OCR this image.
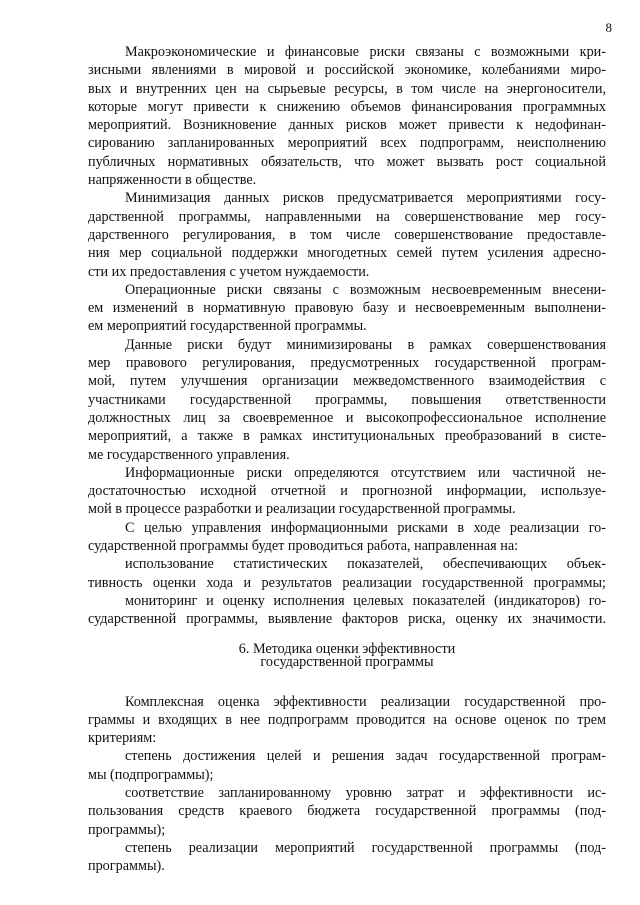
8
Макроэкономические и финансовые риски связаны с возможными кри-
зисными явлениями в мировой и российской экономике, колебаниями миро-
вых и внутренних цен на сырьевые ресурсы, в том числе на энергоносители,
которые могут привести к снижению объемов финансирования программных
мероприятий. Возникновение данных рисков может привести к недофинан-
сированию запланированных мероприятий всех подпрограмм, неисполнению
публичных нормативных обязательств, что может вызвать рост социальной
напряженности в обществе.
Минимизация данных рисков предусматривается мероприятиями госу-
дарственной программы, направленными на совершенствование мер госу-
дарственного регулирования, в том числе совершенствование предоставле-
ния мер социальной поддержки многодетных семей путем усиления адресно-
сти их предоставления с учетом нуждаемости.
Операционные риски связаны с возможным несвоевременным внесени-
ем изменений в нормативную правовую базу и несвоевременным выполнени-
ем мероприятий государственной программы.
Данные риски будут минимизированы в рамках совершенствования
мер правового регулирования, предусмотренных государственной програм-
мой, путем улучшения организации межведомственного взаимодействия с
участниками государственной программы, повышения ответственности
должностных лиц за своевременное и высокопрофессиональное исполнение
мероприятий, а также в рамках институциональных преобразований в систе-
ме государственного управления.
Информационные риски определяются отсутствием или частичной не-
достаточностью исходной отчетной и прогнозной информации, используе-
мой в процессе разработки и реализации государственной программы.
С целью управления информационными рисками в ходе реализации го-
сударственной программы будет проводиться работа, направленная на:
использование статистических показателей, обеспечивающих объек-
тивность оценки хода и результатов реализации государственной программы;
мониторинг и оценку исполнения целевых показателей (индикаторов) го-
сударственной программы, выявление факторов риска, оценку их значимости.
6. Методика оценки эффективности
государственной программы
Комплексная оценка эффективности реализации государственной про-
граммы и входящих в нее подпрограмм проводится на основе оценок по трем
критериям:
степень достижения целей и решения задач государственной програм-
мы (подпрограммы);
соответствие запланированному уровню затрат и эффективности ис-
пользования средств краевого бюджета государственной программы (под-
программы);
степень реализации мероприятий государственной программы (под-
программы).
